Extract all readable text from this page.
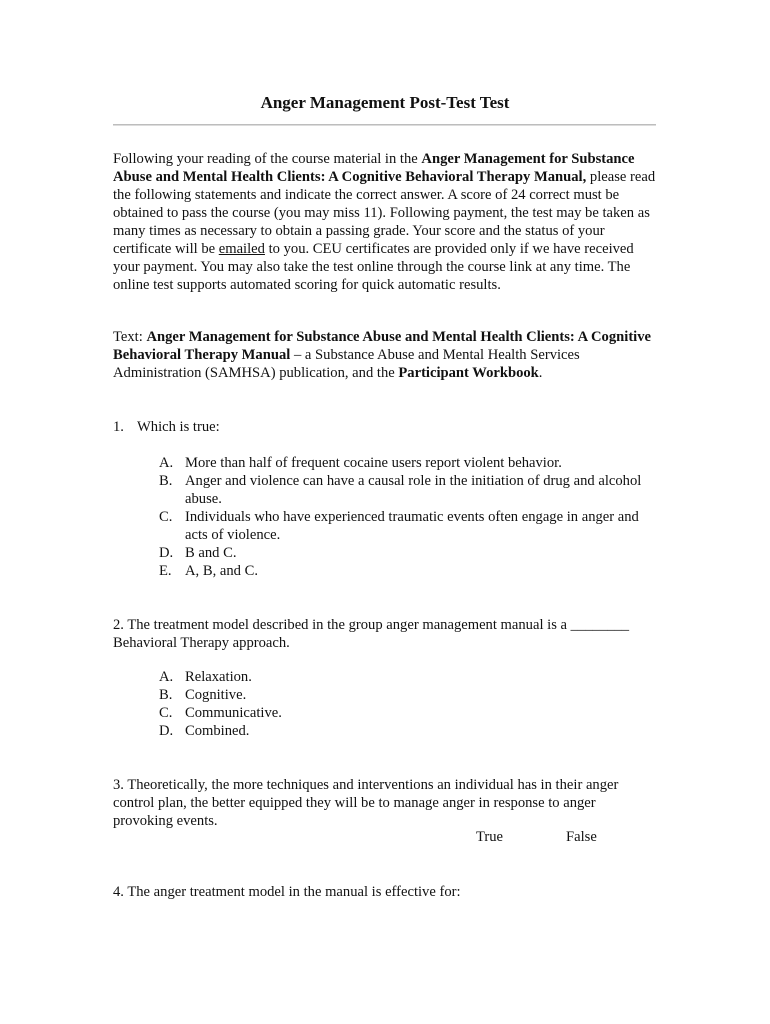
Anger Management Post-Test Test
Following your reading of the course material in the Anger Management for Substance Abuse and Mental Health Clients: A Cognitive Behavioral Therapy Manual, please read the following statements and indicate the correct answer. A score of 24 correct must be obtained to pass the course (you may miss 11). Following payment, the test may be taken as many times as necessary to obtain a passing grade. Your score and the status of your certificate will be emailed to you. CEU certificates are provided only if we have received your payment. You may also take the test online through the course link at any time. The online test supports automated scoring for quick automatic results.
Text: Anger Management for Substance Abuse and Mental Health Clients: A Cognitive Behavioral Therapy Manual – a Substance Abuse and Mental Health Services Administration (SAMHSA) publication, and the Participant Workbook.
1. Which is true:
A. More than half of frequent cocaine users report violent behavior.
B. Anger and violence can have a causal role in the initiation of drug and alcohol abuse.
C. Individuals who have experienced traumatic events often engage in anger and acts of violence.
D. B and C.
E. A, B, and C.
2. The treatment model described in the group anger management manual is a ________ Behavioral Therapy approach.
A. Relaxation.
B. Cognitive.
C. Communicative.
D. Combined.
3. Theoretically, the more techniques and interventions an individual has in their anger control plan, the better equipped they will be to manage anger in response to anger provoking events.
True	False
4. The anger treatment model in the manual is effective for:
